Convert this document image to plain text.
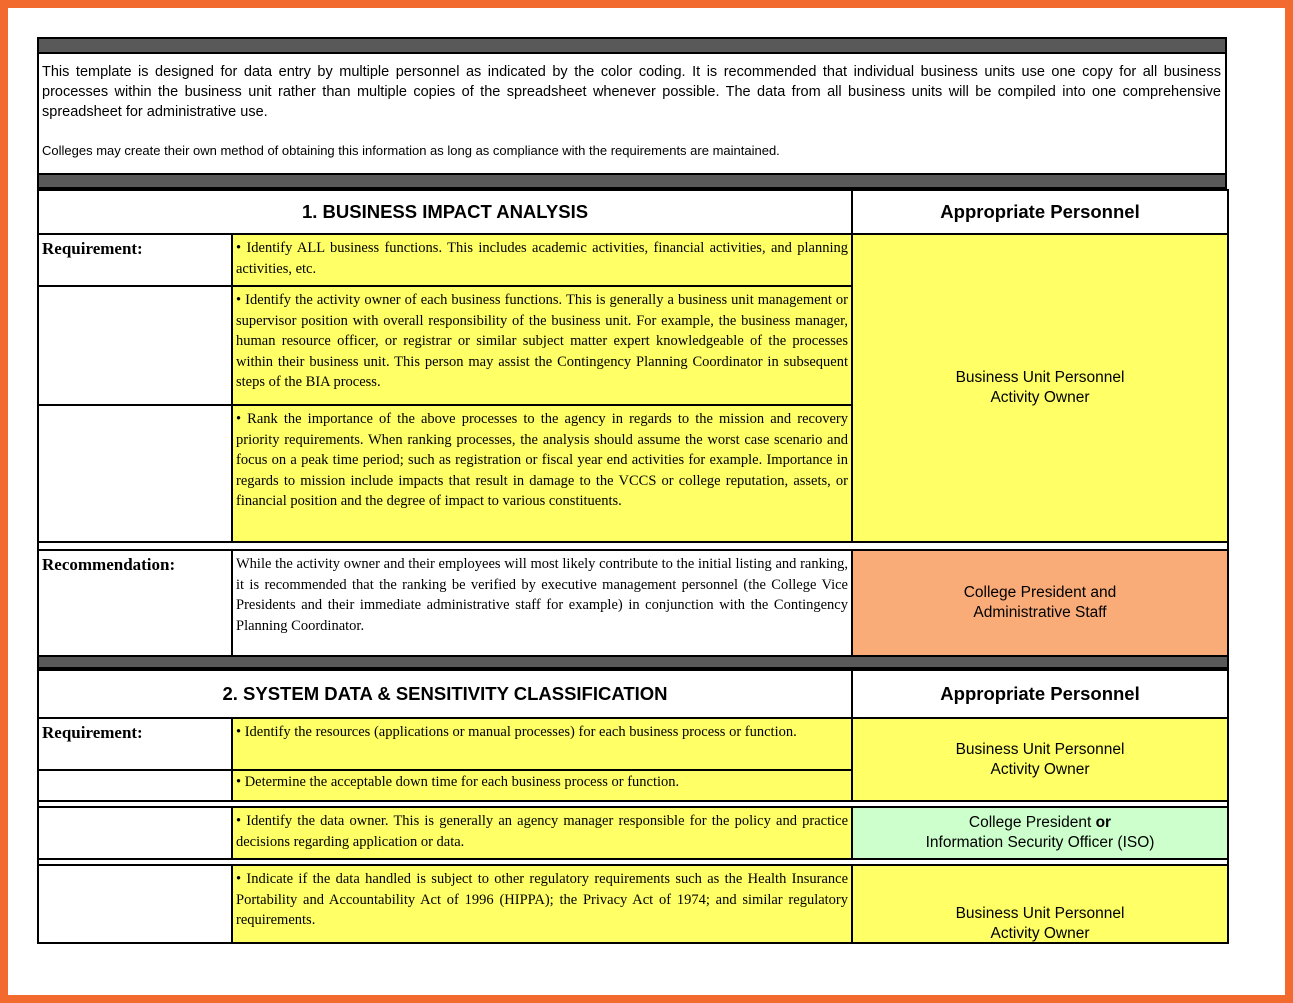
This template is designed for data entry by multiple personnel as indicated by the color coding. It is recommended that individual business units use one copy for all business processes within the business unit rather than multiple copies of the spreadsheet whenever possible. The data from all business units will be compiled into one comprehensive spreadsheet for administrative use.

Colleges may create their own method of obtaining this information as long as compliance with the requirements are maintained.

1. BUSINESS IMPACT ANALYSIS		Appropriate Personnel
Requirement:	• Identify ALL business functions. This includes academic activities, financial activities, and planning activities, etc.	Business Unit Personnel
Activity Owner

	• Identify the activity owner of each business functions. This is generally a business unit management or supervisor position with overall responsibility of the business unit. For example, the business manager, human resource officer, or registrar or similar subject matter expert knowledgeable of the processes within their business unit. This person may assist the Contingency Planning Coordinator in subsequent steps of the BIA process.	
	• Rank the importance of the above processes to the agency in regards to the mission and recovery priority requirements. When ranking processes, the analysis should assume the worst case scenario and focus on a peak time period; such as registration or fiscal year end activities for example. Importance in regards to mission include impacts that result in damage to the VCCS or college reputation, assets, or financial position and the degree of impact to various constituents.	

Recommendation:	While the activity owner and their employees will most likely contribute to the initial listing and ranking, it is recommended that the ranking be verified by executive management personnel (the College Vice Presidents and their immediate administrative staff for example) in conjunction with the Contingency Planning Coordinator.	College President and
Administrative Staff

2. SYSTEM DATA & SENSITIVITY CLASSIFICATION		Appropriate Personnel
Requirement:	• Identify the resources (applications or manual processes) for each business process or function.	Business Unit Personnel
Activity Owner

	• Determine the acceptable down time for each business process or function.	

	• Identify the data owner. This is generally an agency manager responsible for the policy and practice decisions regarding application or data.	College President or
Information Security Officer (ISO)

	• Indicate if the data handled is subject to other regulatory requirements such as the Health Insurance Portability and Accountability Act of 1996 (HIPPA); the Privacy Act of 1974; and similar regulatory requirements.	Business Unit Personnel
Activity Owner
